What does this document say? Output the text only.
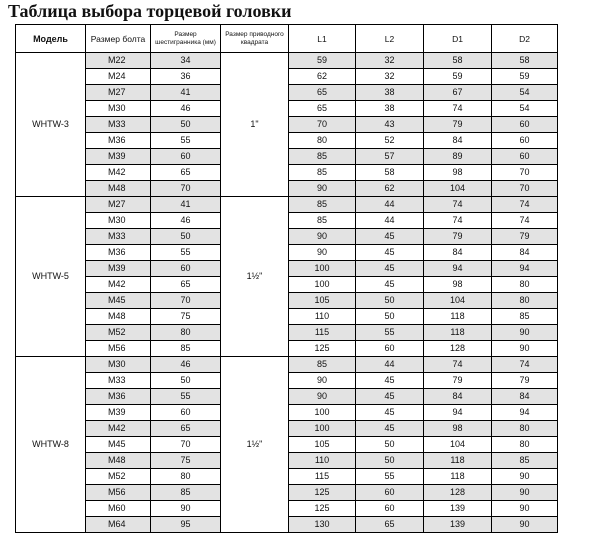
Таблица выбора торцевой головки
Модель	Размер болта	Размер шестигранника (мм)	Размер приводного квадрата	L1	L2	D1	D2
WHTW-3	M22	34	1"	59	32	58	58
	M24	36		62	32	59	59
	M27	41		65	38	67	54
	M30	46		65	38	74	54
	M33	50		70	43	79	60
	M36	55		80	52	84	60
	M39	60		85	57	89	60
	M42	65		85	58	98	70
	M48	70		90	62	104	70
WHTW-5	M27	41	1½"	85	44	74	74
	M30	46		85	44	74	74
	M33	50		90	45	79	79
	M36	55		90	45	84	84
	M39	60		100	45	94	94
	M42	65		100	45	98	80
	M45	70		105	50	104	80
	M48	75		110	50	118	85
	M52	80		115	55	118	90
	M56	85		125	60	128	90
WHTW-8	M30	46	1½"	85	44	74	74
	M33	50		90	45	79	79
	M36	55		90	45	84	84
	M39	60		100	45	94	94
	M42	65		100	45	98	80
	M45	70		105	50	104	80
	M48	75		110	50	118	85
	M52	80		115	55	118	90
	M56	85		125	60	128	90
	M60	90		125	60	139	90
	M64	95		130	65	139	90
